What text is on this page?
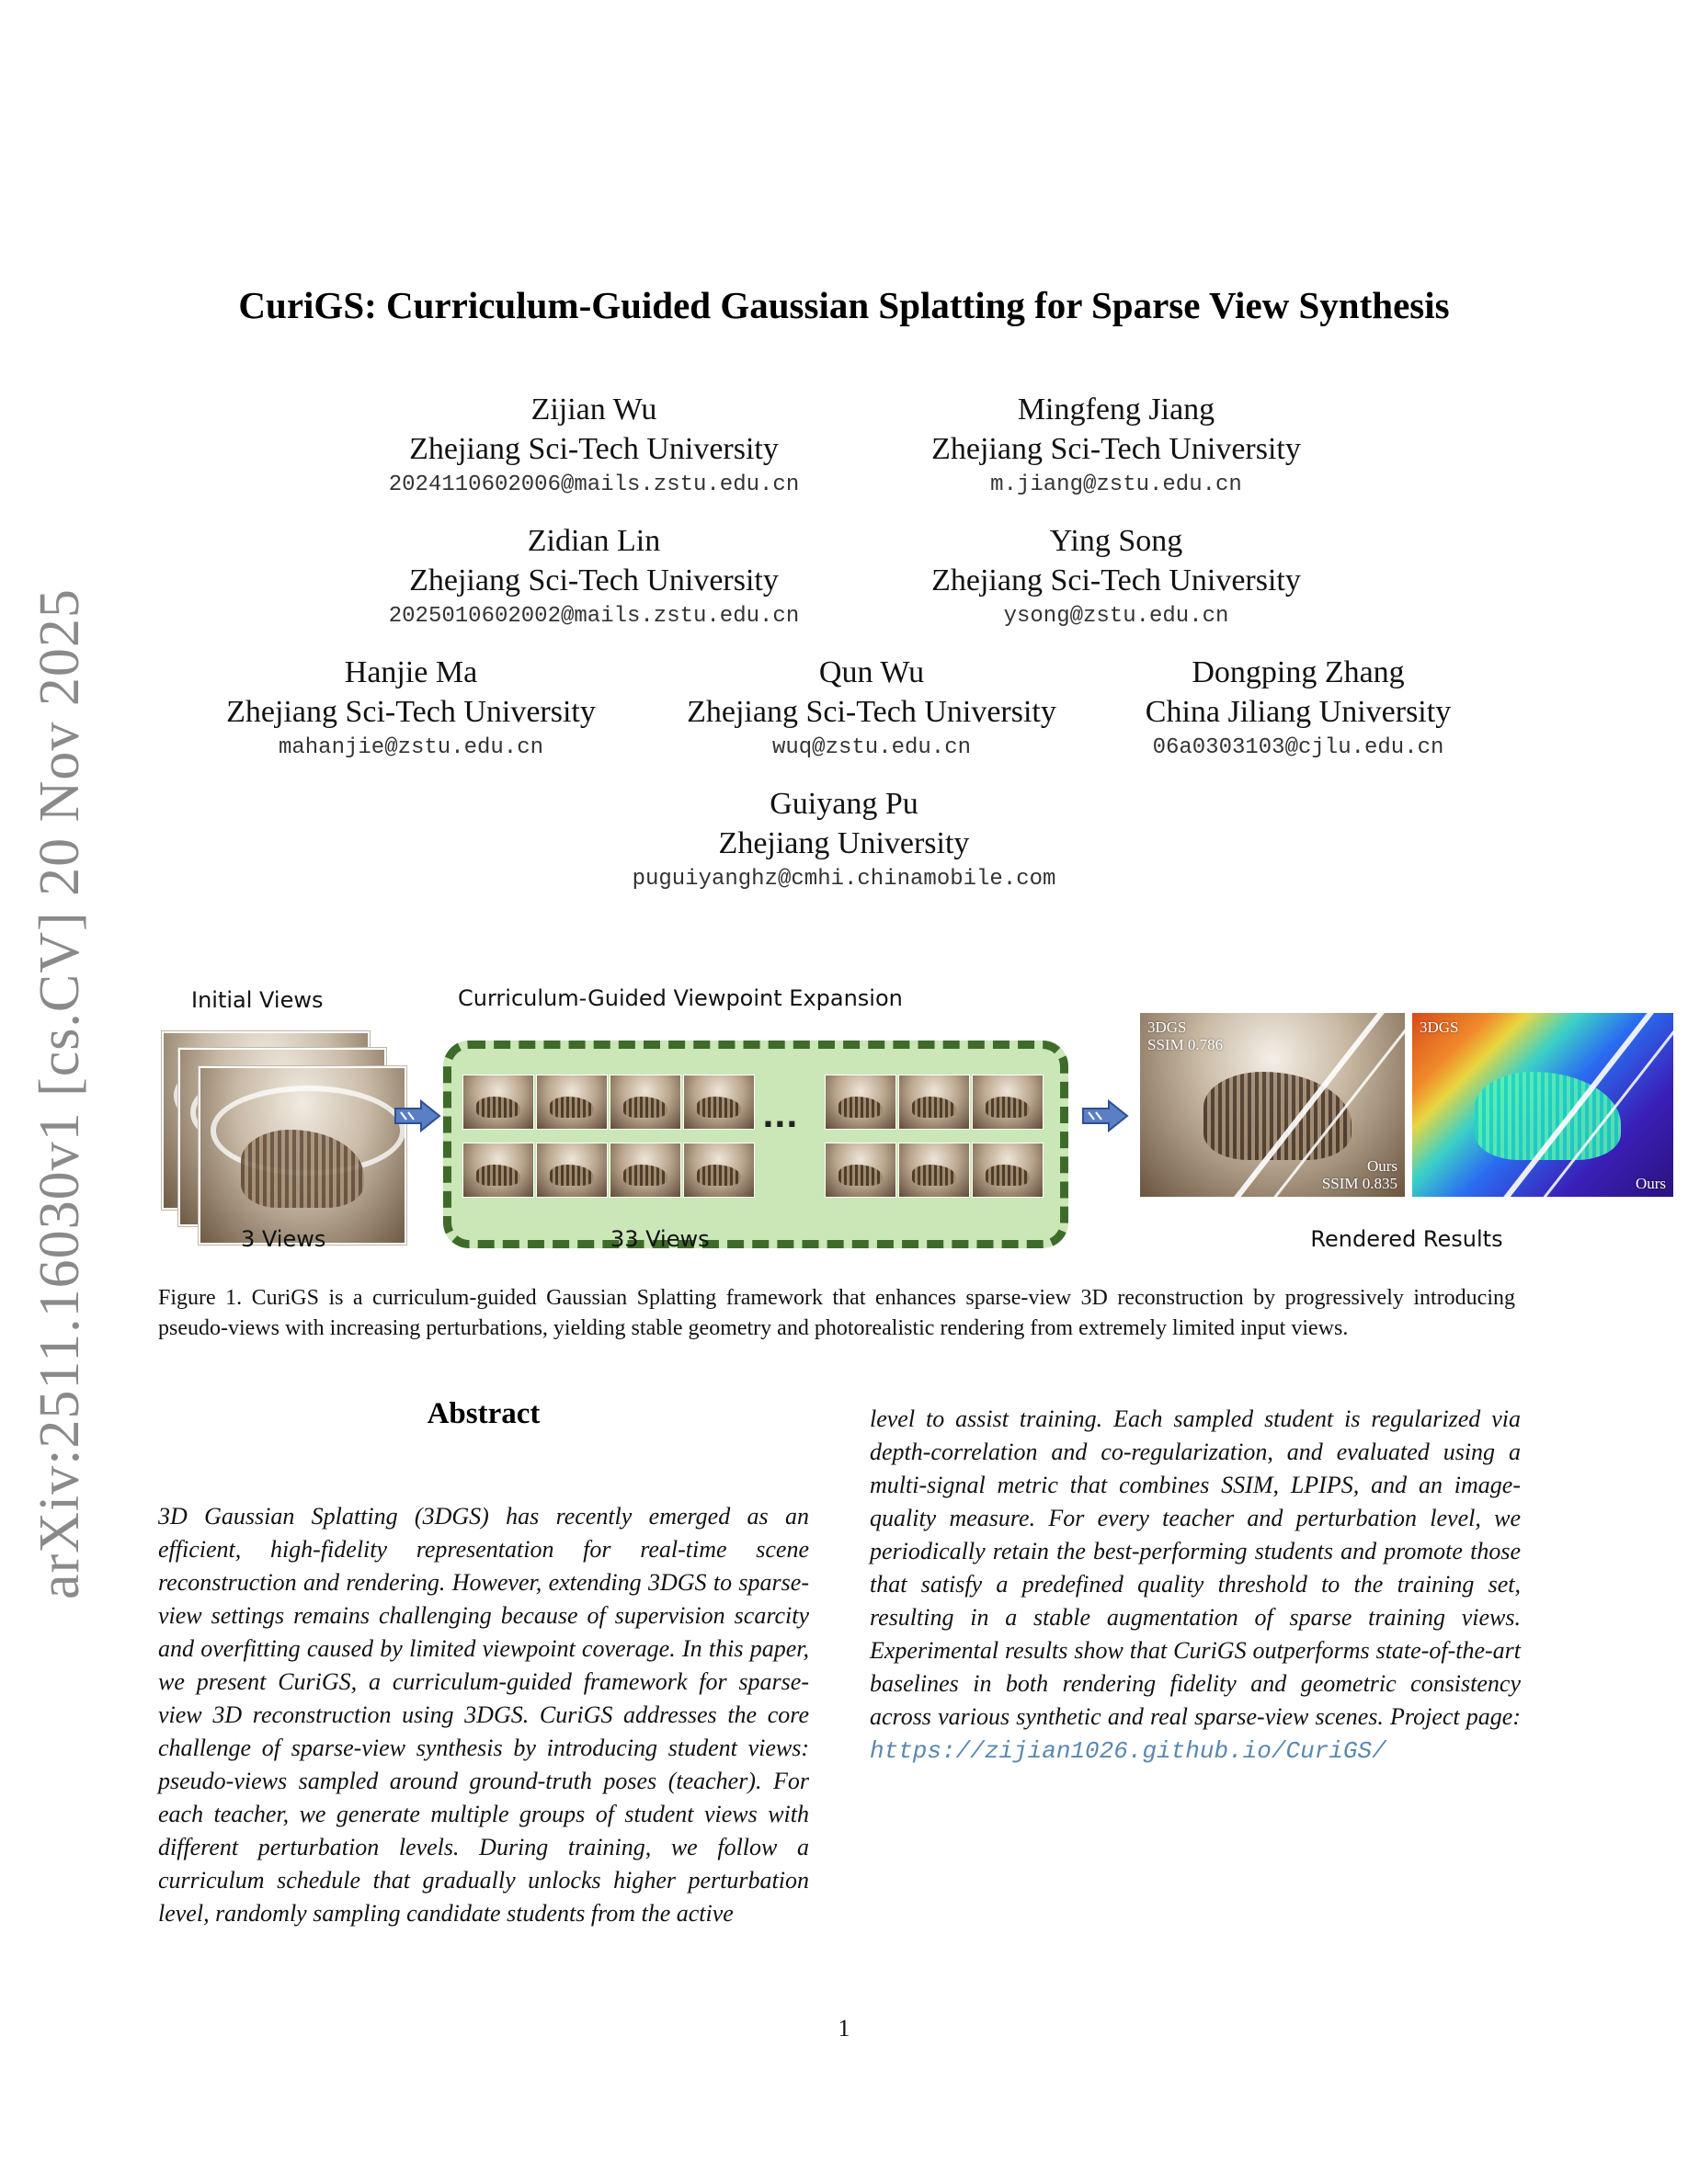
arXiv:2511.16030v1 [cs.CV] 20 Nov 2025
CuriGS: Curriculum-Guided Gaussian Splatting for Sparse View Synthesis
Zijian Wu
Zhejiang Sci-Tech University
2024110602006@mails.zstu.edu.cn
Mingfeng Jiang
Zhejiang Sci-Tech University
m.jiang@zstu.edu.cn
Zidian Lin
Zhejiang Sci-Tech University
2025010602002@mails.zstu.edu.cn
Ying Song
Zhejiang Sci-Tech University
ysong@zstu.edu.cn
Hanjie Ma
Zhejiang Sci-Tech University
mahanjie@zstu.edu.cn
Qun Wu
Zhejiang Sci-Tech University
wuq@zstu.edu.cn
Dongping Zhang
China Jiliang University
06a0303103@cjlu.edu.cn
Guiyang Pu
Zhejiang University
puguiyanghz@cmhi.chinamobile.com
Initial Views	Curriculum-Guided Viewpoint Expansion
...
3DGS
SSIM 0.786
Ours
SSIM 0.835
3DGS
Ours
3 Views	33 Views	Rendered Results
Figure 1. CuriGS is a curriculum-guided Gaussian Splatting framework that enhances sparse-view 3D reconstruction by progressively introducing pseudo-views with increasing perturbations, yielding stable geometry and photorealistic rendering from extremely limited input views.
Abstract
3D Gaussian Splatting (3DGS) has recently emerged as an efficient, high-fidelity representation for real-time scene reconstruction and rendering. However, extending 3DGS to sparse-view settings remains challenging because of supervision scarcity and overfitting caused by limited viewpoint coverage. In this paper, we present CuriGS, a curriculum-guided framework for sparse-view 3D reconstruction using 3DGS. CuriGS addresses the core challenge of sparse-view synthesis by introducing student views: pseudo-views sampled around ground-truth poses (teacher). For each teacher, we generate multiple groups of student views with different perturbation levels. During training, we follow a curriculum schedule that gradually unlocks higher perturbation level, randomly sampling candidate students from the active
level to assist training. Each sampled student is regularized via depth-correlation and co-regularization, and evaluated using a multi-signal metric that combines SSIM, LPIPS, and an image-quality measure. For every teacher and perturbation level, we periodically retain the best-performing students and promote those that satisfy a predefined quality threshold to the training set, resulting in a stable augmentation of sparse training views. Experimental results show that CuriGS outperforms state-of-the-art baselines in both rendering fidelity and geometric consistency across various synthetic and real sparse-view scenes. Project page: https://zijian1026.github.io/CuriGS/
1
